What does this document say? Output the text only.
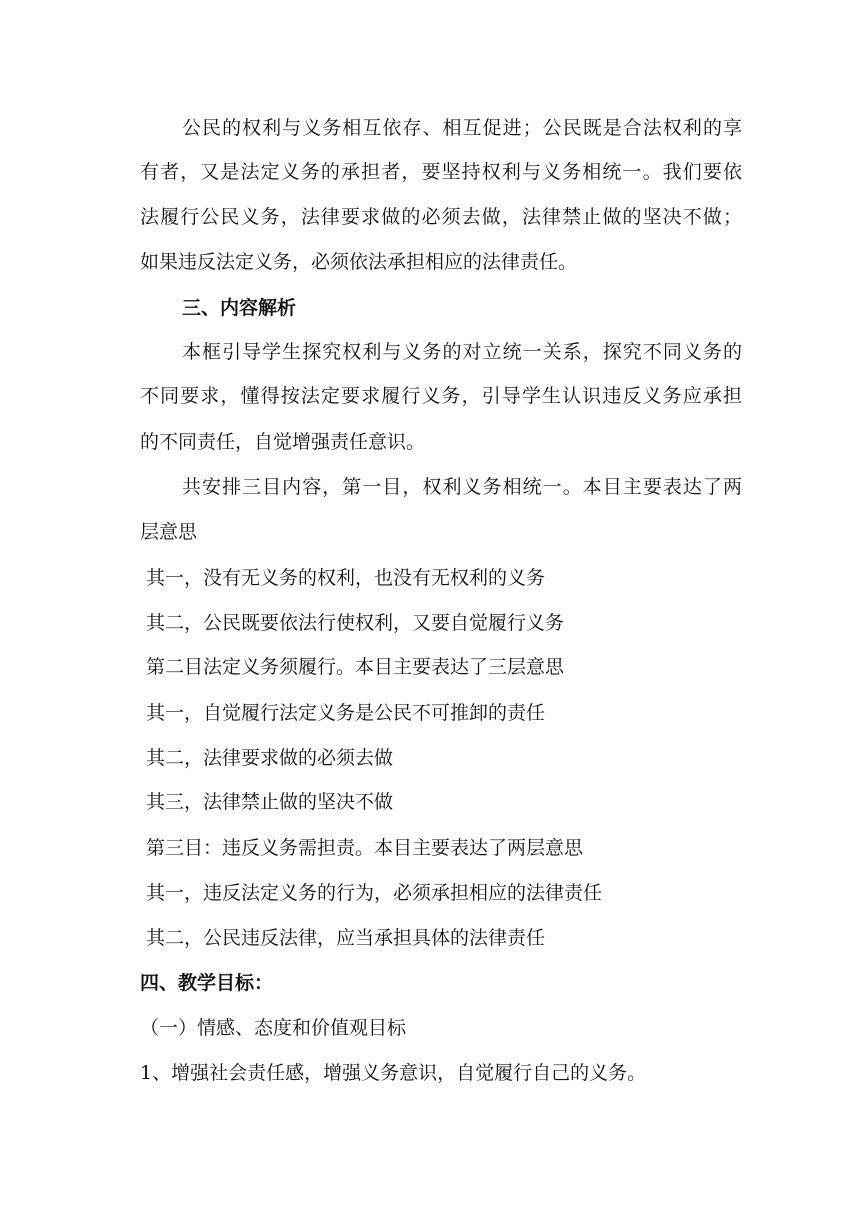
公民的权利与义务相互依存、相互促进；公民既是合法权利的享
有者，又是法定义务的承担者，要坚持权利与义务相统一。我们要依
法履行公民义务，法律要求做的必须去做，法律禁止做的坚决不做；
如果违反法定义务，必须依法承担相应的法律责任。
三、内容解析
本框引导学生探究权利与义务的对立统一关系，探究不同义务的
不同要求，懂得按法定要求履行义务，引导学生认识违反义务应承担
的不同责任，自觉增强责任意识。
共安排三目内容，第一目，权利义务相统一。本目主要表达了两
层意思
其一，没有无义务的权利，也没有无权利的义务
其二，公民既要依法行使权利，又要自觉履行义务
第二目法定义务须履行。本目主要表达了三层意思
其一，自觉履行法定义务是公民不可推卸的责任
其二，法律要求做的必须去做
其三，法律禁止做的坚决不做
第三目：违反义务需担责。本目主要表达了两层意思
其一，违反法定义务的行为，必须承担相应的法律责任
其二，公民违反法律，应当承担具体的法律责任
四、教学目标：
（一）情感、态度和价值观目标
1、增强社会责任感，增强义务意识，自觉履行自己的义务。
